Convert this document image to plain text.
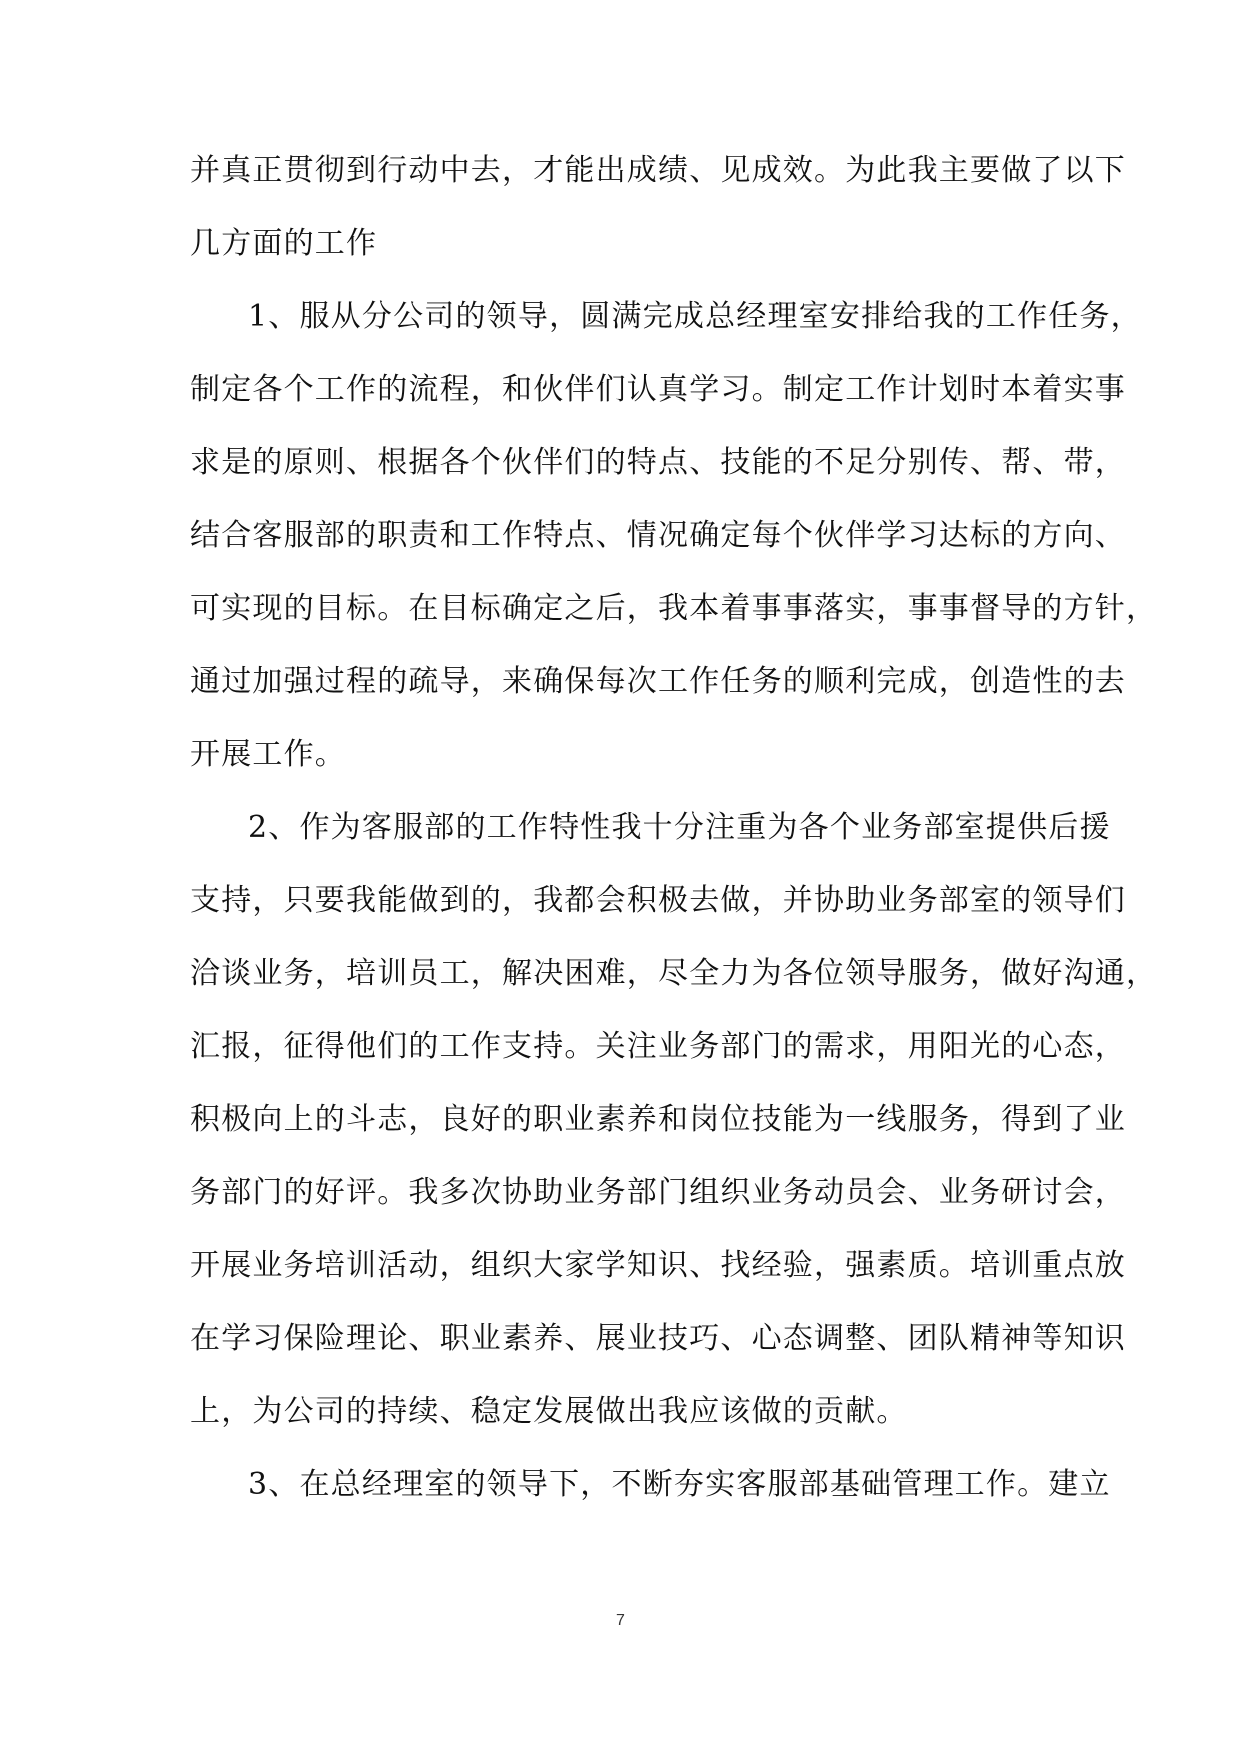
并真正贯彻到行动中去，才能出成绩、见成效。为此我主要做了以下
几方面的工作
1、服从分公司的领导，圆满完成总经理室安排给我的工作任务，
制定各个工作的流程，和伙伴们认真学习。制定工作计划时本着实事
求是的原则、根据各个伙伴们的特点、技能的不足分别传、帮、带，
结合客服部的职责和工作特点、情况确定每个伙伴学习达标的方向、
可实现的目标。在目标确定之后，我本着事事落实，事事督导的方针，
通过加强过程的疏导，来确保每次工作任务的顺利完成，创造性的去
开展工作。
2、作为客服部的工作特性我十分注重为各个业务部室提供后援
支持，只要我能做到的，我都会积极去做，并协助业务部室的领导们
洽谈业务，培训员工，解决困难，尽全力为各位领导服务，做好沟通，
汇报，征得他们的工作支持。关注业务部门的需求，用阳光的心态，
积极向上的斗志，良好的职业素养和岗位技能为一线服务，得到了业
务部门的好评。我多次协助业务部门组织业务动员会、业务研讨会，
开展业务培训活动，组织大家学知识、找经验，强素质。培训重点放
在学习保险理论、职业素养、展业技巧、心态调整、团队精神等知识
上，为公司的持续、稳定发展做出我应该做的贡献。
3、在总经理室的领导下，不断夯实客服部基础管理工作。建立
7
